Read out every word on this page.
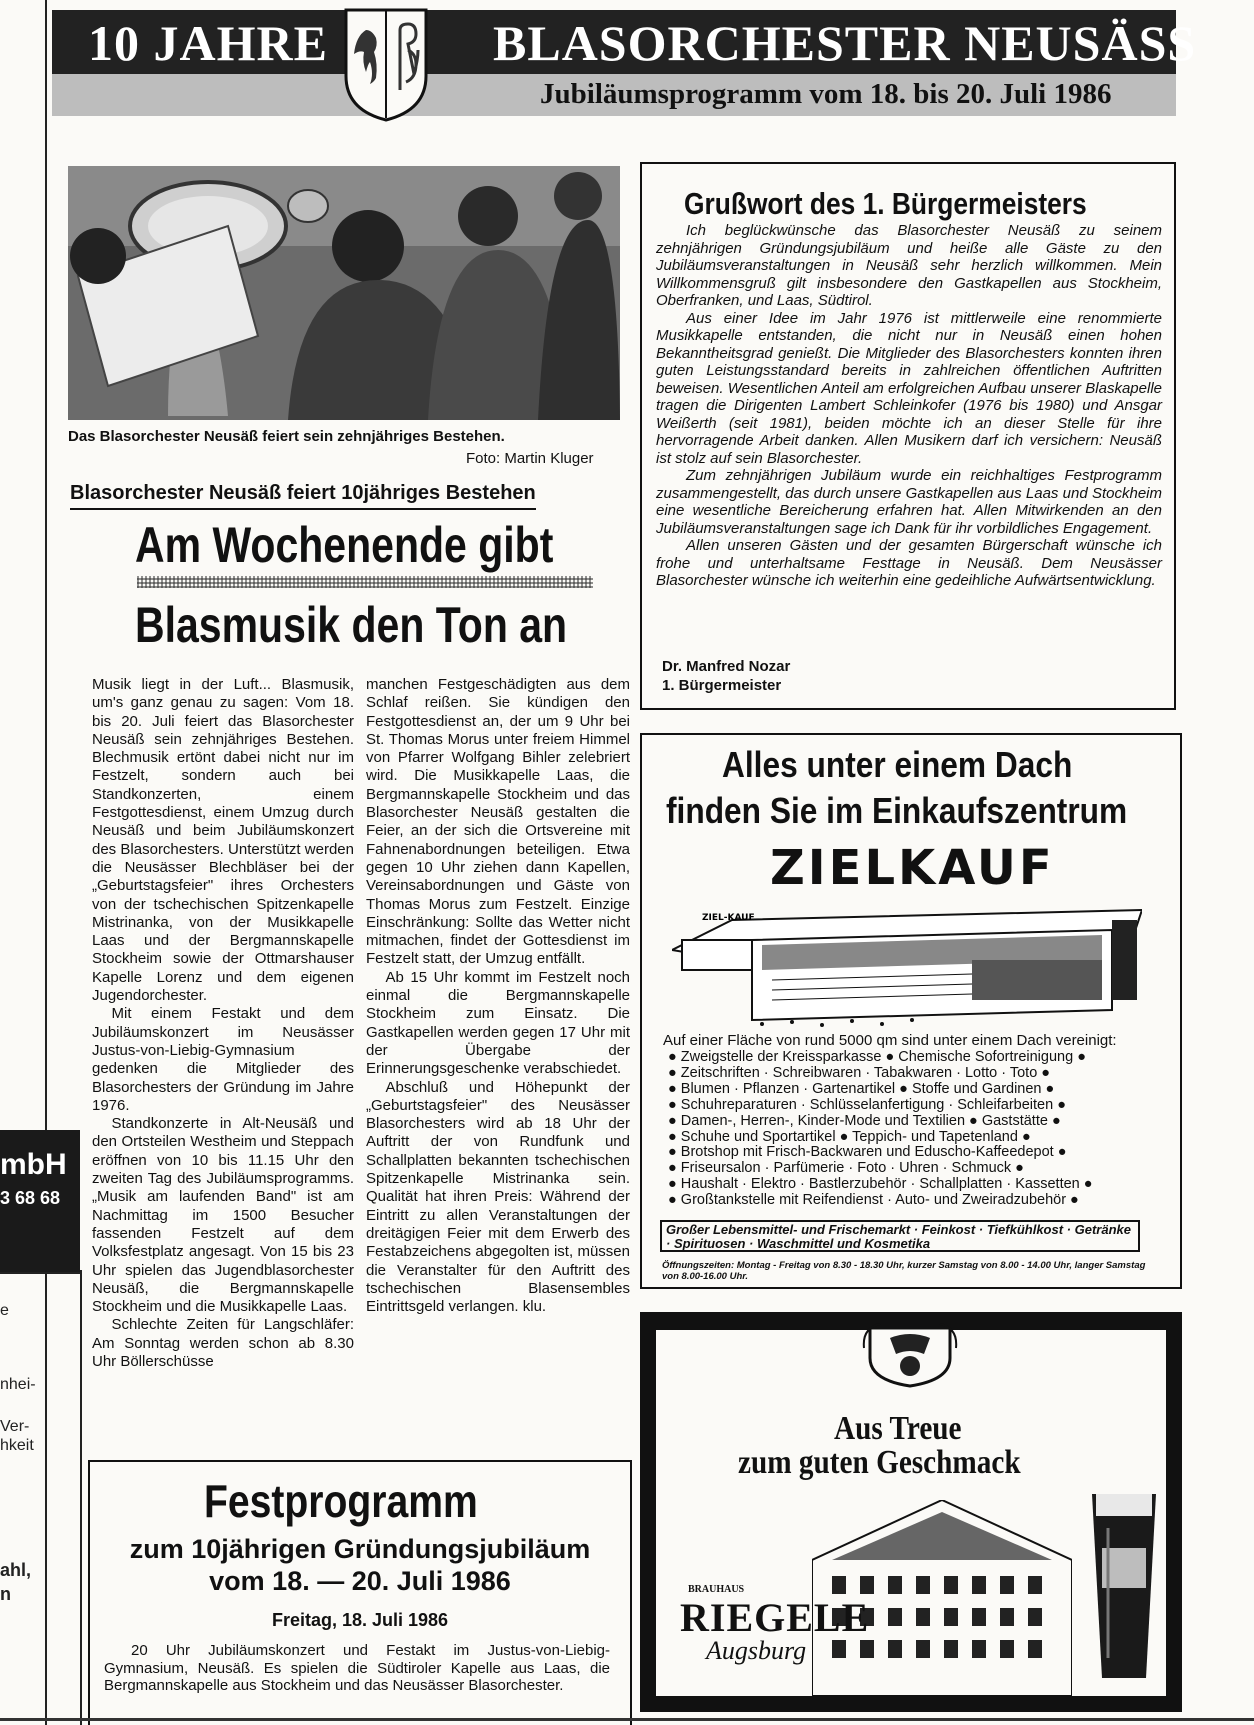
mbH
3 68 68
e
nhei-
Ver-
hkeit
ahl,
n
10 JAHRE	BLASORCHESTER NEUSÄSS
Jubiläumsprogramm vom 18. bis 20. Juli 1986
Das Blasorchester Neusäß feiert sein zehnjähriges Bestehen.
Foto: Martin Kluger
Blasorchester Neusäß feiert 10jähriges Bestehen
Am Wochenende gibt
Blasmusik den Ton an

Musik liegt in der Luft... Blasmusik, um's ganz genau zu sagen: Vom 18. bis 20. Juli feiert das Blasorchester Neusäß sein zehnjähriges Bestehen. Blechmusik ertönt dabei nicht nur im Festzelt, sondern auch bei Standkonzerten, einem Festgottesdienst, einem Umzug durch Neusäß und beim Jubiläumskonzert des Blasorchesters. Unterstützt werden die Neusässer Blechbläser bei der „Geburtstagsfeier" ihres Orchesters von der tschechischen Spitzenkapelle Mistrinanka, von der Musikkapelle Laas und der Bergmannskapelle Stockheim sowie der Ottmarshauser Kapelle Lorenz und dem eigenen Jugendorchester.

Mit einem Festakt und dem Jubiläumskonzert im Neusässer Justus-von-Liebig-Gymnasium gedenken die Mitglieder des Blasorchesters der Gründung im Jahre 1976.

Standkonzerte in Alt-Neusäß und den Ortsteilen Westheim und Steppach eröffnen von 10 bis 11.15 Uhr den zweiten Tag des Jubiläumsprogramms. „Musik am laufenden Band" ist am Nachmittag im 1500 Besucher fassenden Festzelt auf dem Volksfestplatz angesagt. Von 15 bis 23 Uhr spielen das Jugendblasorchester Neusäß, die Bergmannskapelle Stockheim und die Musikkapelle Laas.

Schlechte Zeiten für Langschläfer: Am Sonntag werden schon ab 8.30 Uhr Böllerschüsse

manchen Festgeschädigten aus dem Schlaf reißen. Sie kündigen den Festgottesdienst an, der um 9 Uhr bei St. Thomas Morus unter freiem Himmel von Pfarrer Wolfgang Bihler zelebriert wird. Die Musikkapelle Laas, die Bergmannskapelle Stockheim und das Blasorchester Neusäß gestalten die Feier, an der sich die Ortsvereine mit Fahnenabordnungen beteiligen. Etwa gegen 10 Uhr ziehen dann Kapellen, Vereinsabordnungen und Gäste von Thomas Morus zum Festzelt. Einzige Einschränkung: Sollte das Wetter nicht mitmachen, findet der Gottesdienst im Festzelt statt, der Umzug entfällt.

Ab 15 Uhr kommt im Festzelt noch einmal die Bergmannskapelle Stockheim zum Einsatz. Die Gastkapellen werden gegen 17 Uhr mit der Übergabe der Erinnerungsgeschenke verabschiedet.

Abschluß und Höhepunkt der „Geburtstagsfeier" des Neusässer Blasorchesters wird ab 18 Uhr der Auftritt der von Rundfunk und Schallplatten bekannten tschechischen Spitzenkapelle Mistrinanka sein. Qualität hat ihren Preis: Während der Eintritt zu allen Veranstaltungen der dreitägigen Feier mit dem Erwerb des Festabzeichens abgegolten ist, müssen die Veranstalter für den Auftritt des tschechischen Blasensembles Eintrittsgeld verlangen. klu.

Grußwort des 1. Bürgermeisters

Ich beglückwünsche das Blasorchester Neusäß zu seinem zehnjährigen Gründungsjubiläum und heiße alle Gäste zu den Jubiläumsveranstaltungen in Neusäß sehr herzlich willkommen. Mein Willkommensgruß gilt insbesondere den Gastkapellen aus Stockheim, Oberfranken, und Laas, Südtirol.

Aus einer Idee im Jahr 1976 ist mittlerweile eine renommierte Musikkapelle entstanden, die nicht nur in Neusäß einen hohen Bekanntheitsgrad genießt. Die Mitglieder des Blasorchesters konnten ihren guten Leistungsstandard bereits in zahlreichen öffentlichen Auftritten beweisen. Wesentlichen Anteil am erfolgreichen Aufbau unserer Blaskapelle tragen die Dirigenten Lambert Schleinkofer (1976 bis 1980) und Ansgar Weißerth (seit 1981), beiden möchte ich an dieser Stelle für ihre hervorragende Arbeit danken. Allen Musikern darf ich versichern: Neusäß ist stolz auf sein Blasorchester.

Zum zehnjährigen Jubiläum wurde ein reichhaltiges Festprogramm zusammengestellt, das durch unsere Gastkapellen aus Laas und Stockheim eine wesentliche Bereicherung erfahren hat. Allen Mitwirkenden an den Jubiläumsveranstaltungen sage ich Dank für ihr vorbildliches Engagement.

Allen unseren Gästen und der gesamten Bürgerschaft wünsche ich frohe und unterhaltsame Festtage in Neusäß. Dem Neusässer Blasorchester wünsche ich weiterhin eine gedeihliche Aufwärtsentwicklung.

Dr. Manfred Nozar
1. Bürgermeister
Alles unter einem Dach
finden Sie im Einkaufszentrum
ZIELKAUF
ZIEL-KAUF
Auf einer Fläche von rund 5000 qm sind unter einem Dach vereinigt:
● Zweigstelle der Kreissparkasse ● Chemische Sofortreinigung ●
● Zeitschriften · Schreibwaren · Tabakwaren · Lotto · Toto ●
● Blumen · Pflanzen · Gartenartikel ● Stoffe und Gardinen ●
● Schuhreparaturen · Schlüsselanfertigung · Schleifarbeiten ●
● Damen-, Herren-, Kinder-Mode und Textilien ● Gaststätte ●
● Schuhe und Sportartikel ● Teppich- und Tapetenland ●
● Brotshop mit Frisch-Backwaren und Eduscho-Kaffeedepot ●
● Friseursalon · Parfümerie · Foto · Uhren · Schmuck ●
● Haushalt · Elektro · Bastlerzubehör · Schallplatten · Kassetten ●
● Großtankstelle mit Reifendienst · Auto- und Zweiradzubehör ●
Großer Lebensmittel- und Frischemarkt · Feinkost · Tiefkühlkost · Getränke · Spirituosen · Waschmittel und Kosmetika
Öffnungszeiten: Montag - Freitag von 8.30 - 18.30 Uhr, kurzer Samstag von 8.00 - 14.00 Uhr, langer Samstag von 8.00-16.00 Uhr.
Aus Treue
zum guten Geschmack
BRAUHAUS
RIEGELE
Augsburg
Festprogramm
zum 10jährigen Gründungsjubiläum
vom 18. — 20. Juli 1986
Freitag, 18. Juli 1986

20 Uhr Jubiläumskonzert und Festakt im Justus-von-Liebig-Gymnasium, Neusäß. Es spielen die Südtiroler Kapelle aus Laas, die Bergmannskapelle aus Stockheim und das Neusässer Blasorchester.
